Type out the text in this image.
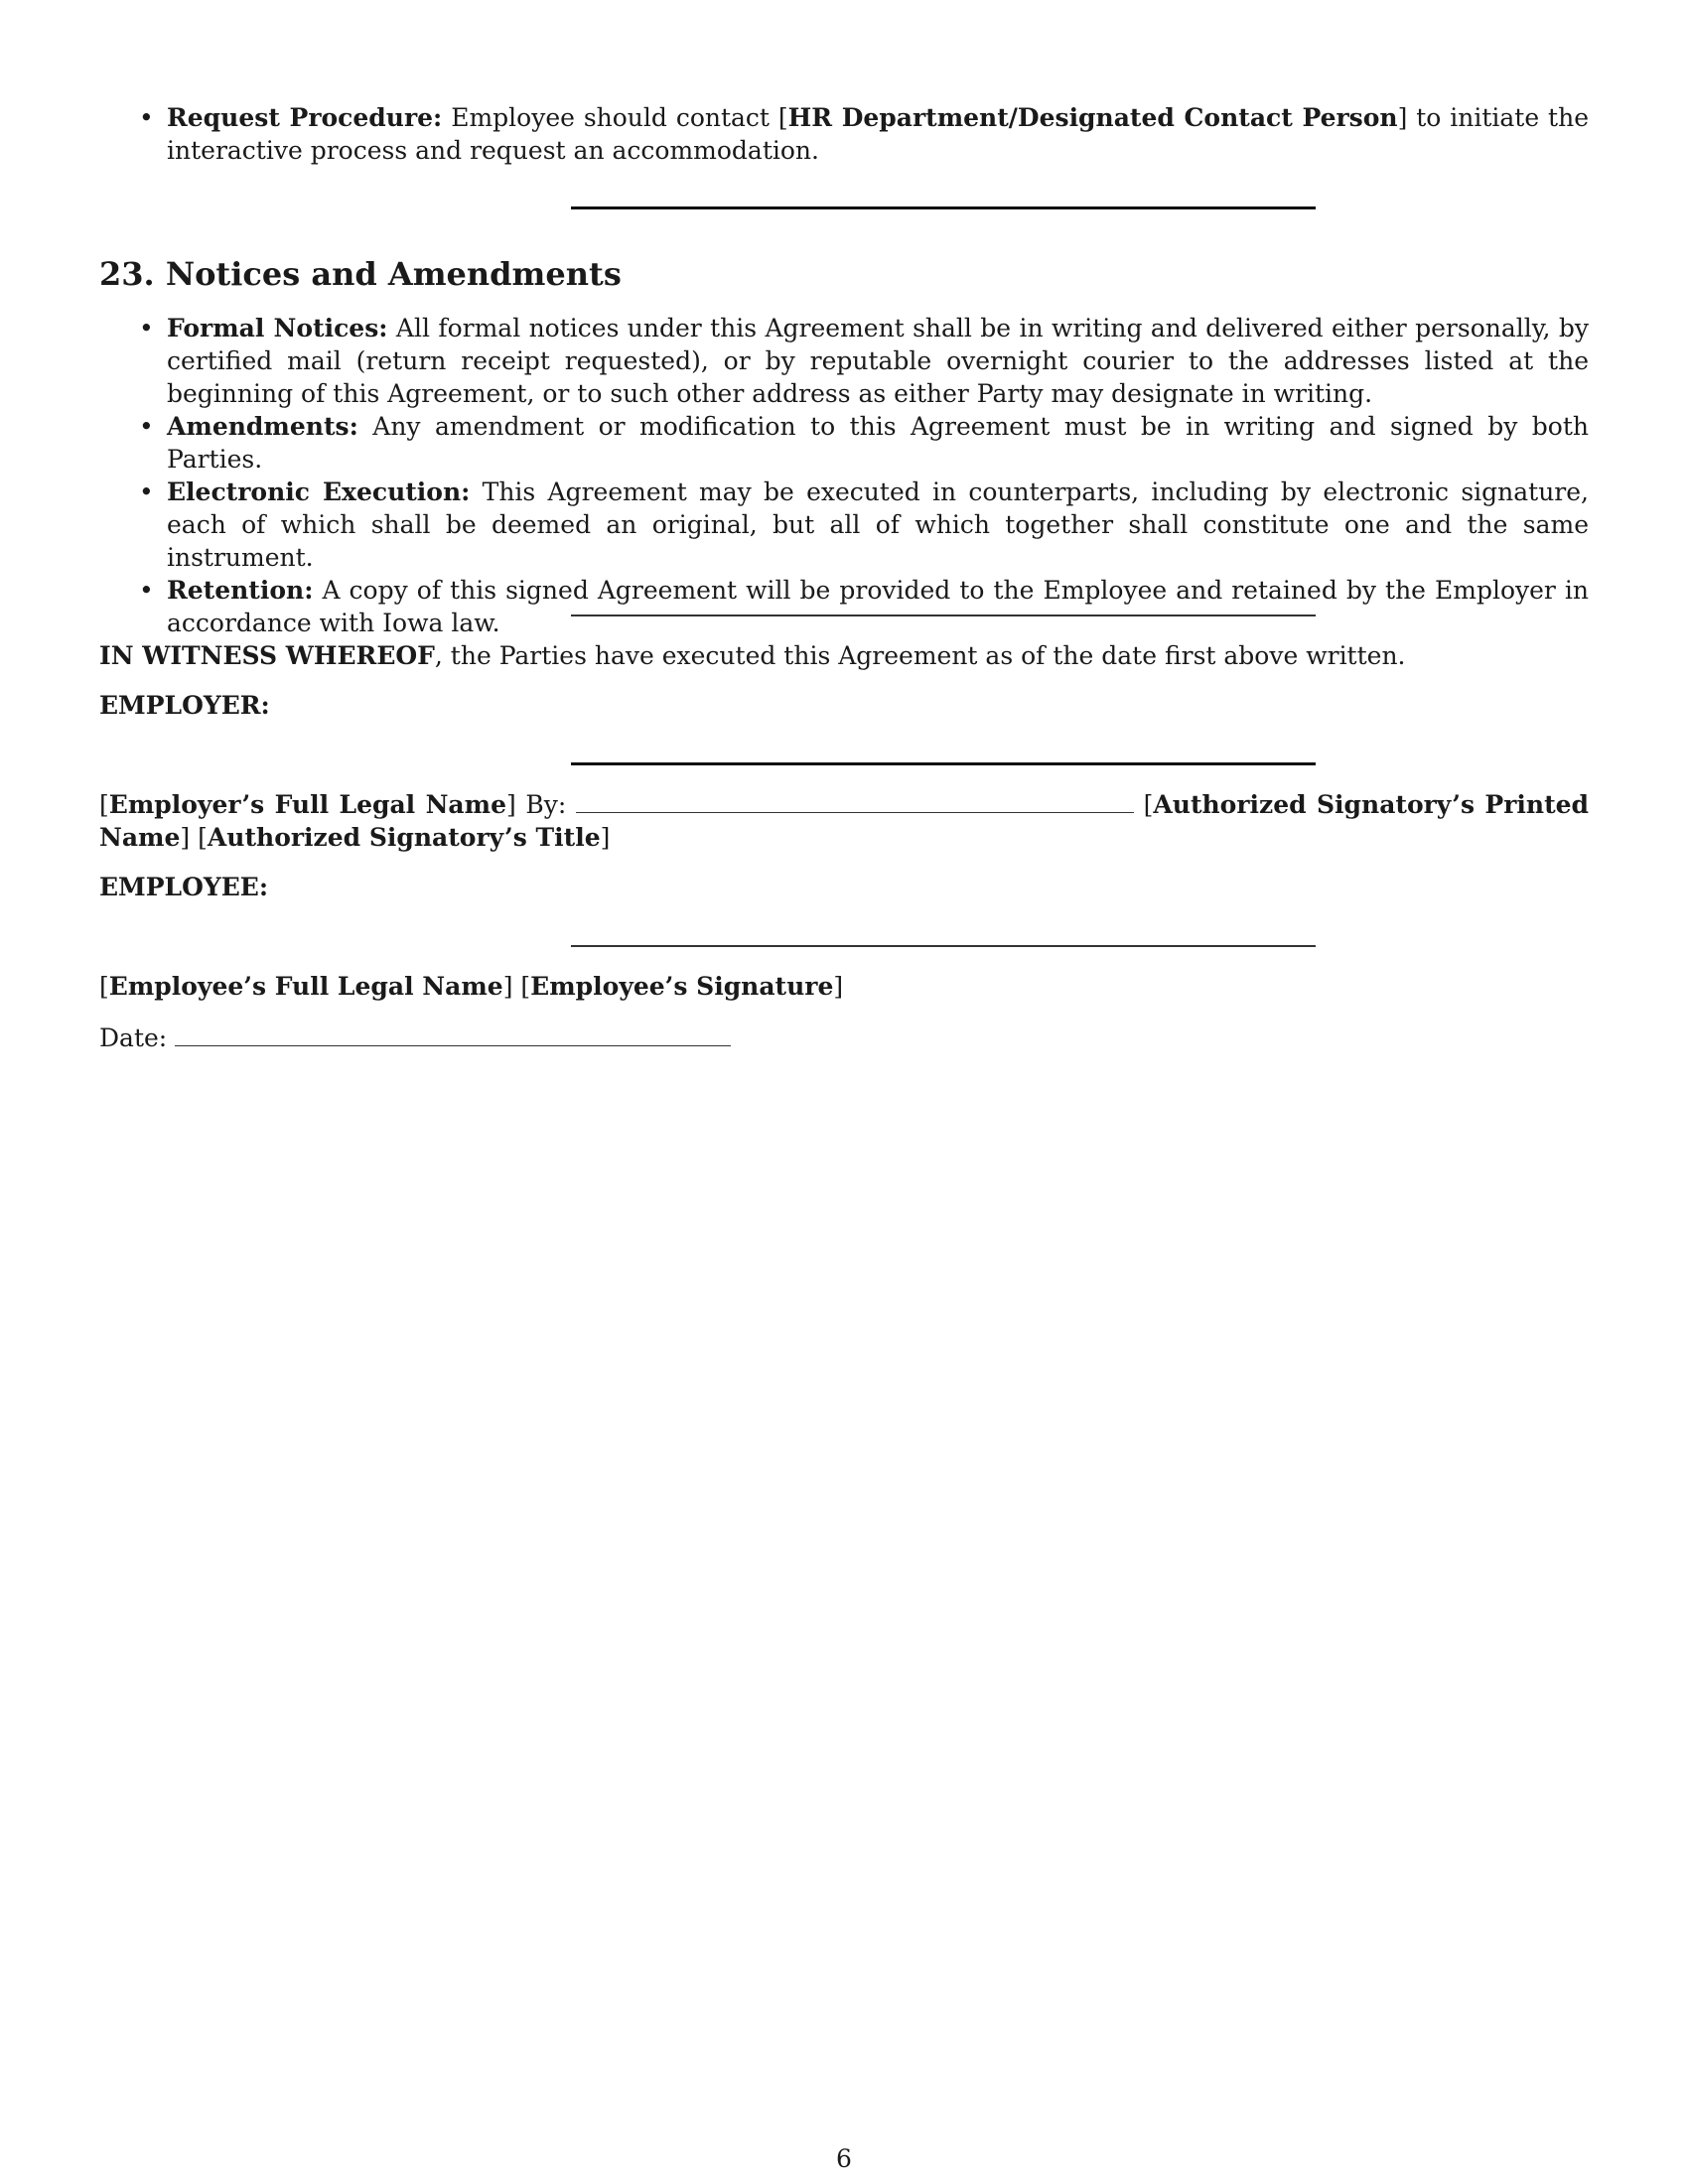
• Request Procedure: Employee should contact [HR Department/Designated Contact Person] to initiate the interactive process and request an accommodation.
23. Notices and Amendments
• Formal Notices: All formal notices under this Agreement shall be in writing and delivered either personally, by certified mail (return receipt requested), or by reputable overnight courier to the addresses listed at the beginning of this Agreement, or to such other address as either Party may designate in writing.
• Amendments: Any amendment or modification to this Agreement must be in writing and signed by both Parties.
• Electronic Execution: This Agreement may be executed in counterparts, including by electronic signature, each of which shall be deemed an original, but all of which together shall constitute one and the same instrument.
• Retention: A copy of this signed Agreement will be provided to the Employee and retained by the Employer in accordance with Iowa law.
IN WITNESS WHEREOF, the Parties have executed this Agreement as of the date first above written.
EMPLOYER:
[Employer’s Full Legal Name] By:	[Authorized Signatory’s Printed Name] [Authorized Signatory’s Title]
EMPLOYEE:
[Employee’s Full Legal Name] [Employee’s Signature]
Date:
6
